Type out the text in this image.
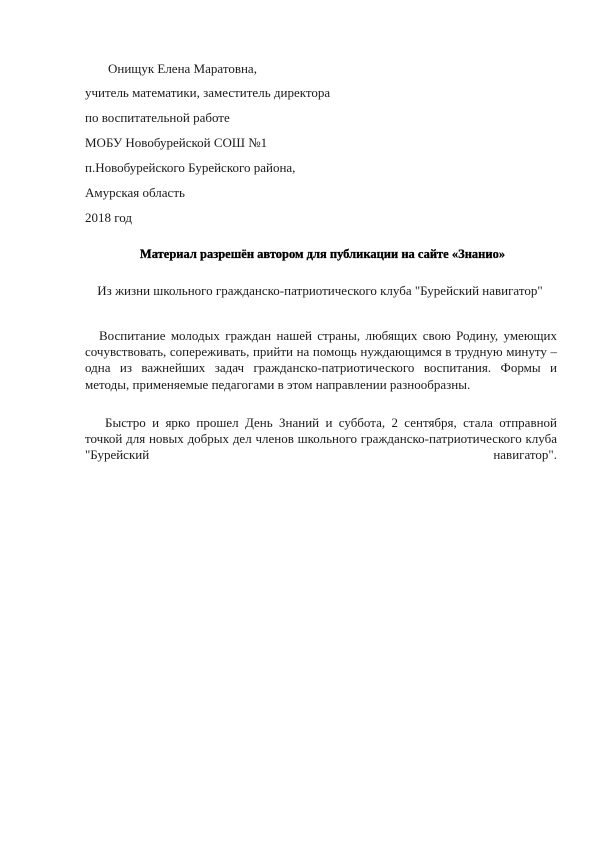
Онищук Елена Маратовна,
учитель математики, заместитель директора
по воспитательной работе
МОБУ Новобурейской СОШ №1
п.Новобурейского Бурейского района,
Амурская область
2018 год
Материал разрешён автором для публикации на сайте «Знанио»
Из жизни школьного гражданско-патриотического клуба "Бурейский навигатор"
Воспитание молодых граждан нашей страны, любящих свою Родину, умеющих сочувствовать, сопереживать, прийти на помощь нуждающимся в трудную минуту – одна из важнейших задач гражданско-патриотического воспитания. Формы и методы, применяемые педагогами в этом направлении разнообразны.
Быстро и ярко прошел День Знаний и суббота, 2 сентября, стала отправной точкой для новых добрых дел членов школьного гражданско-патриотического клуба "Бурейский навигатор".
